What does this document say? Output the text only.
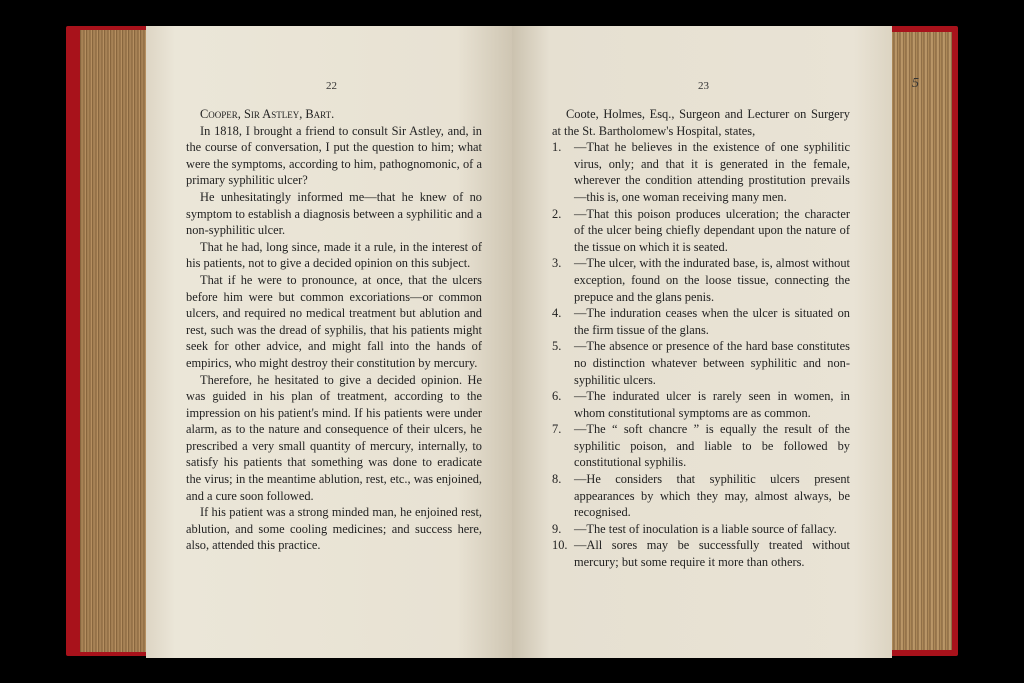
22

Cooper, Sir Astley, Bart.

In 1818, I brought a friend to consult Sir Astley, and, in the course of conversation, I put the question to him; what were the symptoms, according to him, pathognomonic, of a primary syphilitic ulcer?

He unhesitatingly informed me—that he knew of no symptom to establish a diagnosis between a syphilitic and a non-syphilitic ulcer.

That he had, long since, made it a rule, in the interest of his patients, not to give a decided opinion on this subject.

That if he were to pronounce, at once, that the ulcers before him were but common excoriations—or common ulcers, and required no medical treatment but ablution and rest, such was the dread of syphilis, that his patients might seek for other advice, and might fall into the hands of empirics, who might destroy their constitution by mercury.

Therefore, he hesitated to give a decided opinion. He was guided in his plan of treatment, according to the impression on his patient's mind. If his patients were under alarm, as to the nature and consequence of their ulcers, he prescribed a very small quantity of mercury, internally, to satisfy his patients that something was done to eradicate the virus; in the meantime ablution, rest, etc., was enjoined, and a cure soon followed.

If his patient was a strong minded man, he enjoined rest, ablution, and some cooling medicines; and success here, also, attended this practice.

23

Coote, Holmes, Esq., Surgeon and Lecturer on Surgery at the St. Bartholomew's Hospital, states,

1. —That he believes in the existence of one syphilitic virus, only; and that it is generated in the female, wherever the condition attending prostitution prevails—this is, one woman receiving many men.
2. —That this poison produces ulceration; the character of the ulcer being chiefly dependant upon the nature of the tissue on which it is seated.
3. —The ulcer, with the indurated base, is, almost without exception, found on the loose tissue, connecting the prepuce and the glans penis.
4. —The induration ceases when the ulcer is situated on the firm tissue of the glans.
5. —The absence or presence of the hard base constitutes no distinction whatever between syphilitic and non-syphilitic ulcers.
6. —The indurated ulcer is rarely seen in women, in whom constitutional symptoms are as common.
7. —The “ soft chancre ” is equally the result of the syphilitic poison, and liable to be followed by constitutional syphilis.
8. —He considers that syphilitic ulcers present appearances by which they may, almost always, be recognised.
9. —The test of inoculation is a liable source of fallacy.
10. —All sores may be successfully treated without mercury; but some require it more than others.
5
